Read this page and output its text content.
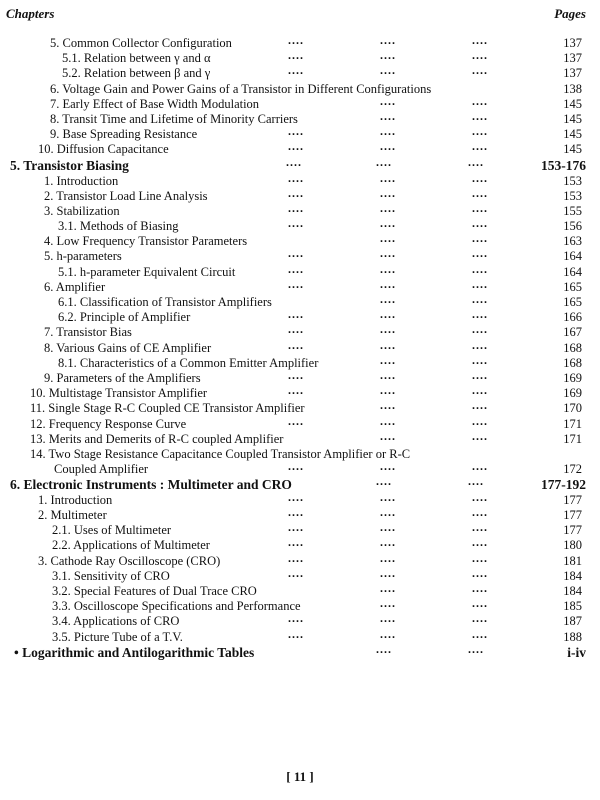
Chapters	Pages
5. Common Collector Configuration	....	....	....	137
5.1. Relation between γ and α	....	....	....	137
5.2. Relation between β and γ	....	....	....	137
6. Voltage Gain and Power Gains of a Transistor in Different Configurations	138
7. Early Effect of Base Width Modulation	....	....	145
8. Transit Time and Lifetime of Minority Carriers	....	....	145
9. Base Spreading Resistance	....	....	....	145
10. Diffusion Capacitance	....	....	....	145
5. Transistor Biasing	....	....	....	153-176
1. Introduction	....	....	....	153
2. Transistor Load Line Analysis	....	....	....	153
3. Stabilization	....	....	....	155
3.1. Methods of Biasing	....	....	....	156
4. Low Frequency Transistor Parameters	....	....	163
5. h-parameters	....	....	....	164
5.1. h-parameter Equivalent Circuit	....	....	....	164
6. Amplifier	....	....	....	165
6.1. Classification of Transistor Amplifiers	....	....	165
6.2. Principle of Amplifier	....	....	....	166
7. Transistor Bias	....	....	....	167
8. Various Gains of CE Amplifier	....	....	....	168
8.1. Characteristics of a Common Emitter Amplifier	....	....	168
9. Parameters of the Amplifiers	....	....	....	169
10. Multistage Transistor Amplifier	....	....	....	169
11. Single Stage R-C Coupled CE Transistor Amplifier	....	....	170
12. Frequency Response Curve	....	....	....	171
13. Merits and Demerits of R-C coupled Amplifier	....	....	171
14. Two Stage Resistance Capacitance Coupled Transistor Amplifier or R-C
Coupled Amplifier	....	....	....	172
6. Electronic Instruments : Multimeter and CRO	....	....	177-192
1. Introduction	....	....	....	177
2. Multimeter	....	....	....	177
2.1. Uses of Multimeter	....	....	....	177
2.2. Applications of Multimeter	....	....	....	180
3. Cathode Ray Oscilloscope (CRO)	....	....	....	181
3.1. Sensitivity of CRO	....	....	....	184
3.2. Special Features of Dual Trace CRO	....	....	184
3.3. Oscilloscope Specifications and Performance	....	....	185
3.4. Applications of CRO	....	....	....	187
3.5. Picture Tube of a T.V.	....	....	....	188
• Logarithmic and Antilogarithmic Tables	....	....	i-iv
[ 11 ]
